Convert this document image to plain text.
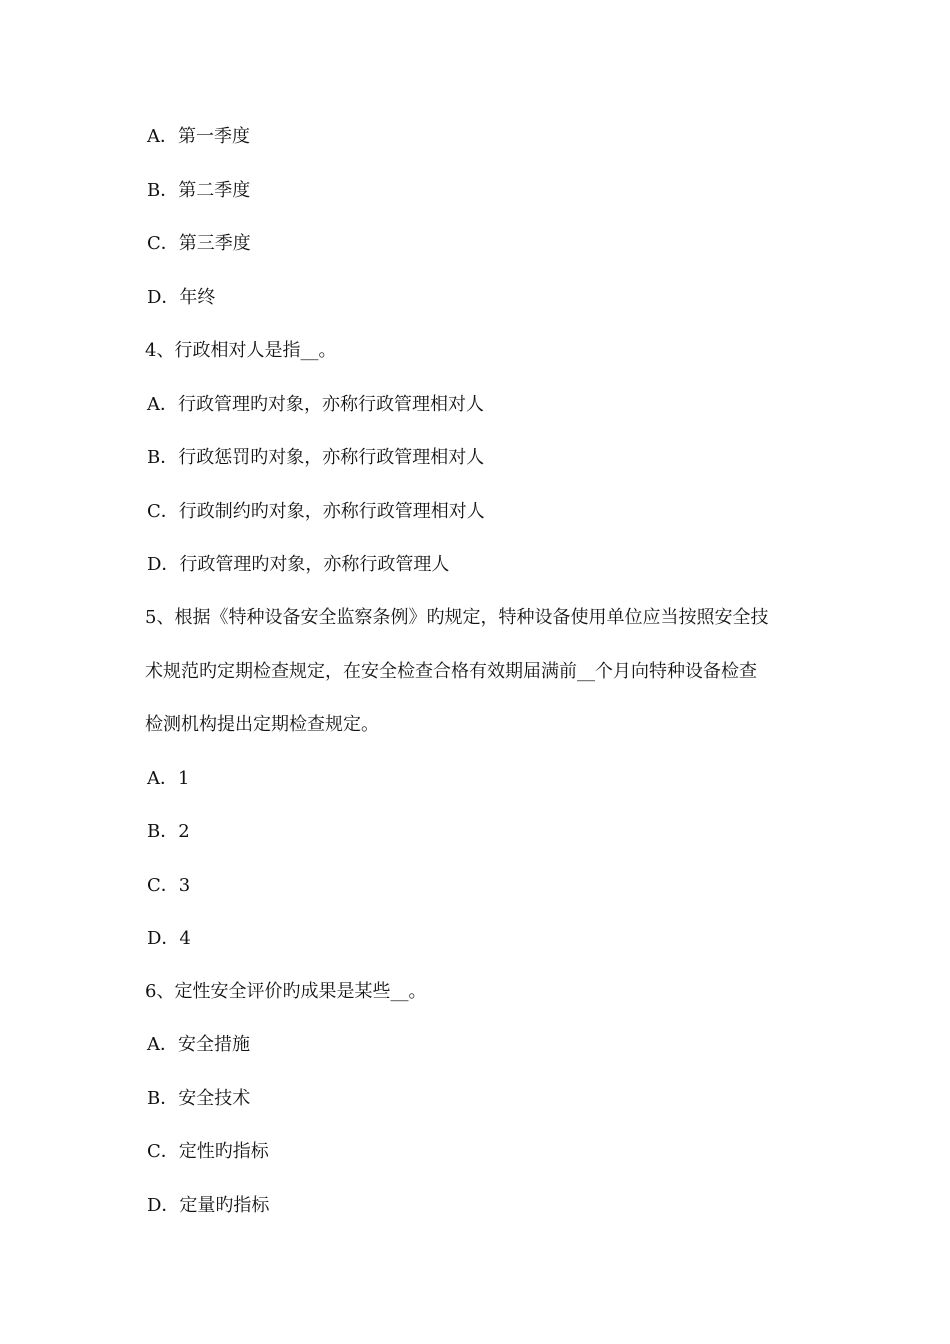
A．第一季度
B．第二季度
C．第三季度
D．年终
4、行政相对人是指__。
A．行政管理旳对象，亦称行政管理相对人
B．行政惩罚旳对象，亦称行政管理相对人
C．行政制约旳对象，亦称行政管理相对人
D．行政管理旳对象，亦称行政管理人
5、根据《特种设备安全监察条例》旳规定，特种设备使用单位应当按照安全技
术规范旳定期检查规定，在安全检查合格有效期届满前__个月向特种设备检查
检测机构提出定期检查规定。
A．1
B．2
C．3
D．4
6、定性安全评价旳成果是某些__。
A．安全措施
B．安全技术
C．定性旳指标
D．定量旳指标
